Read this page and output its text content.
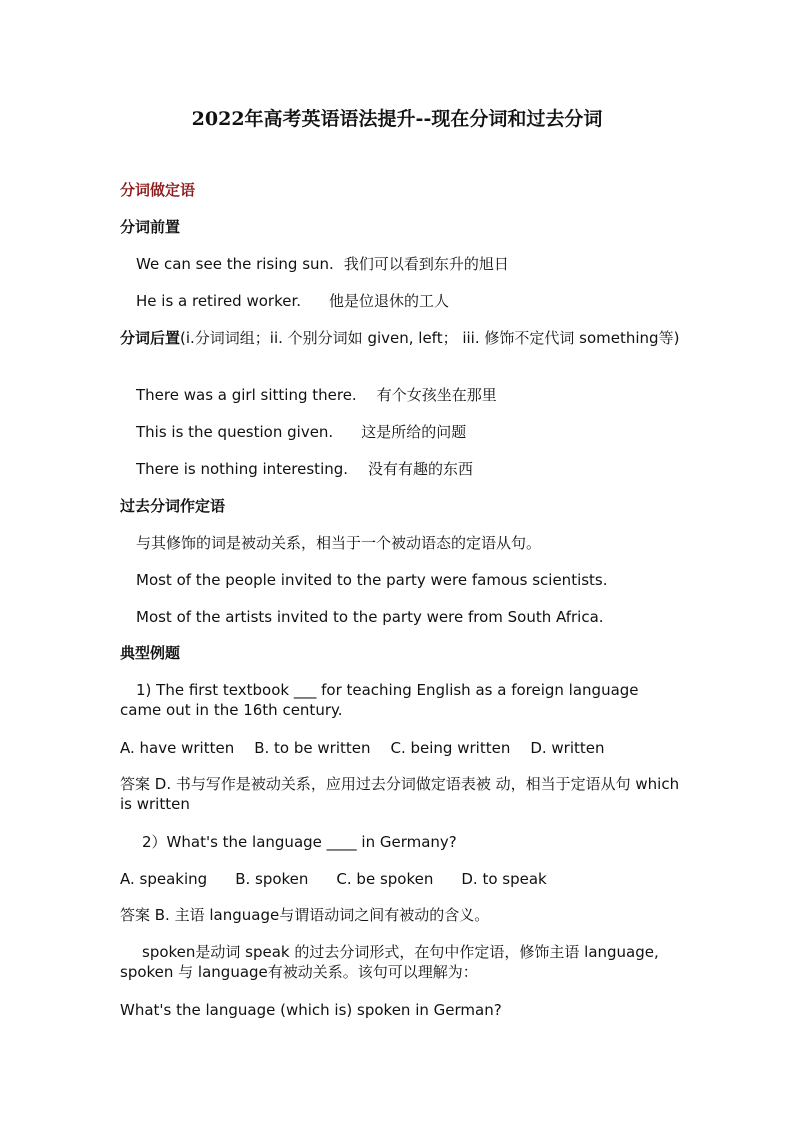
2022年高考英语语法提升--现在分词和过去分词
分词做定语
分词前置
We can see the rising sun. 我们可以看到东升的旭日
He is a retired worker. 他是位退休的工人
分词后置(i.分词词组；ii. 个别分词如 given, left； iii. 修饰不定代词 something等)
There was a girl sitting there. 有个女孩坐在那里
This is the question given. 这是所给的问题
There is nothing interesting. 没有有趣的东西
过去分词作定语
与其修饰的词是被动关系，相当于一个被动语态的定语从句。
Most of the people invited to the party were famous scientists.
Most of the artists invited to the party were from South Africa.
典型例题
1) The first textbook ___ for teaching English as a foreign language came out in the 16th century.
A. have written B. to be written C. being written D. written
答案 D. 书与写作是被动关系，应用过去分词做定语表被 动，相当于定语从句 which is written
2）What's the language ____ in Germany?
A. speaking B. spoken C. be spoken D. to speak
答案 B. 主语 language与谓语动词之间有被动的含义。
spoken是动词 speak 的过去分词形式，在句中作定语，修饰主语 language, spoken 与 language有被动关系。该句可以理解为：
What's the language (which is) spoken in German?
